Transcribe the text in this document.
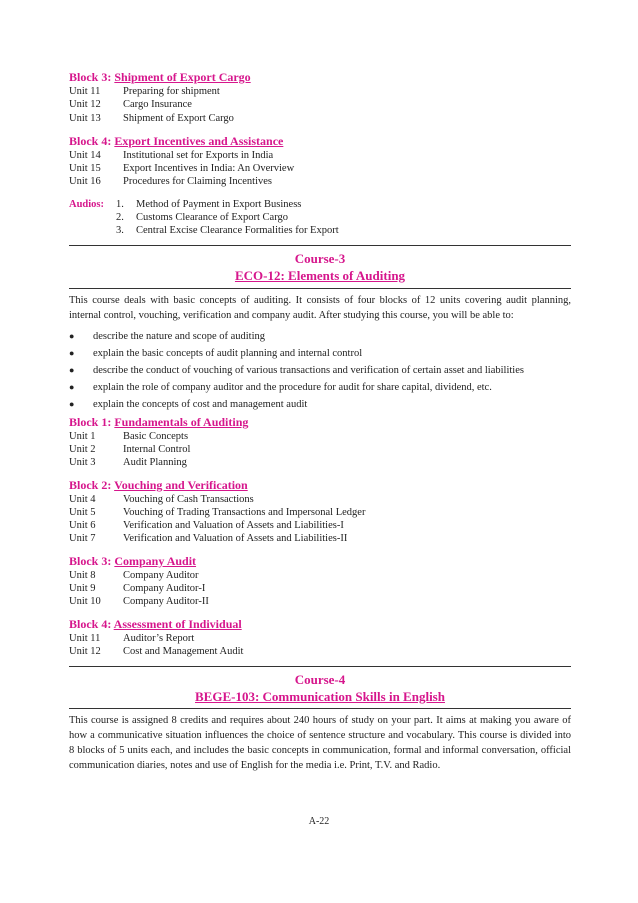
Block 3: Shipment of Export Cargo
Unit 11	Preparing for shipment
Unit 12	Cargo Insurance
Unit 13	Shipment of Export Cargo
Block 4: Export Incentives and Assistance
Unit 14	Institutional set for Exports in India
Unit 15	Export Incentives in India: An Overview
Unit 16	Procedures for Claiming Incentives
Audios:	1.	Method of Payment in Export Business
2.	Customs Clearance of Export Cargo
3.	Central Excise Clearance Formalities for Export
Course-3
ECO-12: Elements of Auditing

This course deals with basic concepts of auditing. It consists of four blocks of 12 units covering audit planning, internal control, vouching, verification and company audit. After studying this course, you will be able to:

●	describe the nature and scope of auditing
●	explain the basic concepts of audit planning and internal control
●	describe the conduct of vouching of various transactions and verification of certain asset and liabilities
●	explain the role of company auditor and the procedure for audit for share capital, dividend, etc.
●	explain the concepts of cost and management audit
Block 1: Fundamentals of Auditing
Unit 1	Basic Concepts
Unit 2	Internal Control
Unit 3	Audit Planning
Block 2: Vouching and Verification
Unit 4	Vouching of Cash Transactions
Unit 5	Vouching of Trading Transactions and Impersonal Ledger
Unit 6	Verification and Valuation of Assets and Liabilities-I
Unit 7	Verification and Valuation of Assets and Liabilities-II
Block 3: Company Audit
Unit 8	Company Auditor
Unit 9	Company Auditor-I
Unit 10	Company Auditor-II
Block 4: Assessment of Individual
Unit 11	Auditor’s Report
Unit 12	Cost and Management Audit
Course-4
BEGE-103: Communication Skills in English

This course is assigned 8 credits and requires about 240 hours of study on your part. It aims at making you aware of how a communicative situation influences the choice of sentence structure and vocabulary. This course is divided into 8 blocks of 5 units each, and includes the basic concepts in communication, formal and informal conversation, official communication diaries, notes and use of English for the media i.e. Print, T.V. and Radio.

A-22
